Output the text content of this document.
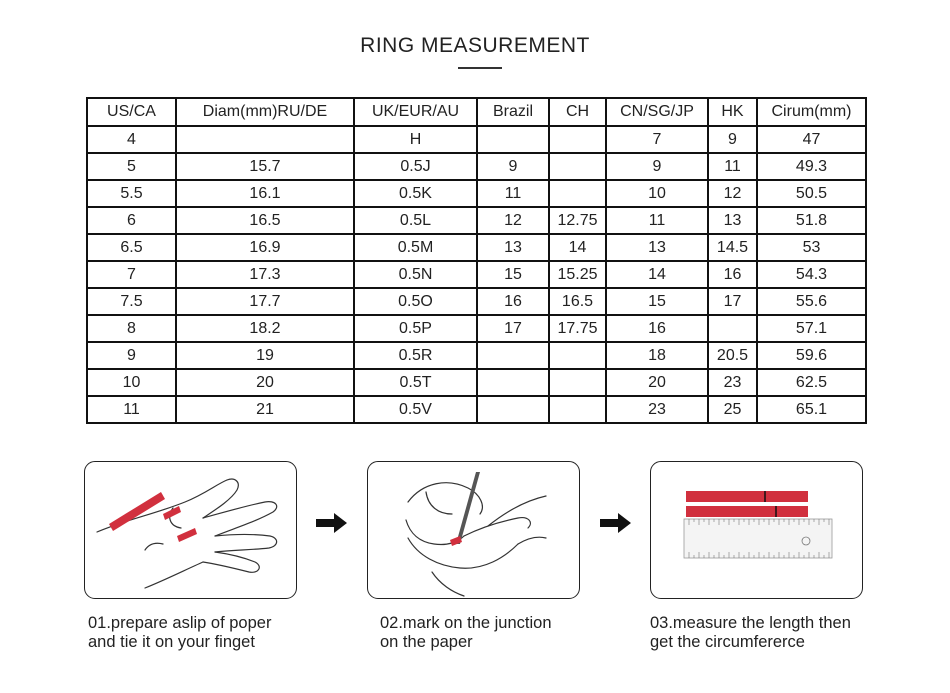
RING MEASUREMENT
US/CA	Diam(mm)RU/DE	UK/EUR/AU	Brazil	CH	CN/SG/JP	HK	Cirum(mm)
4		H			7	9	47
5	15.7	0.5J	9		9	11	49.3
5.5	16.1	0.5K	11		10	12	50.5
6	16.5	0.5L	12	12.75	11	13	51.8
6.5	16.9	0.5M	13	14	13	14.5	53
7	17.3	0.5N	15	15.25	14	16	54.3
7.5	17.7	0.5O	16	16.5	15	17	55.6
8	18.2	0.5P	17	17.75	16		57.1
9	19	0.5R			18	20.5	59.6
10	20	0.5T			20	23	62.5
11	21	0.5V			23	25	65.1
01.prepare aslip of poper
and tie it on your finget
02.mark on the junction
on the paper
03.measure the length then
get the circumfererce
